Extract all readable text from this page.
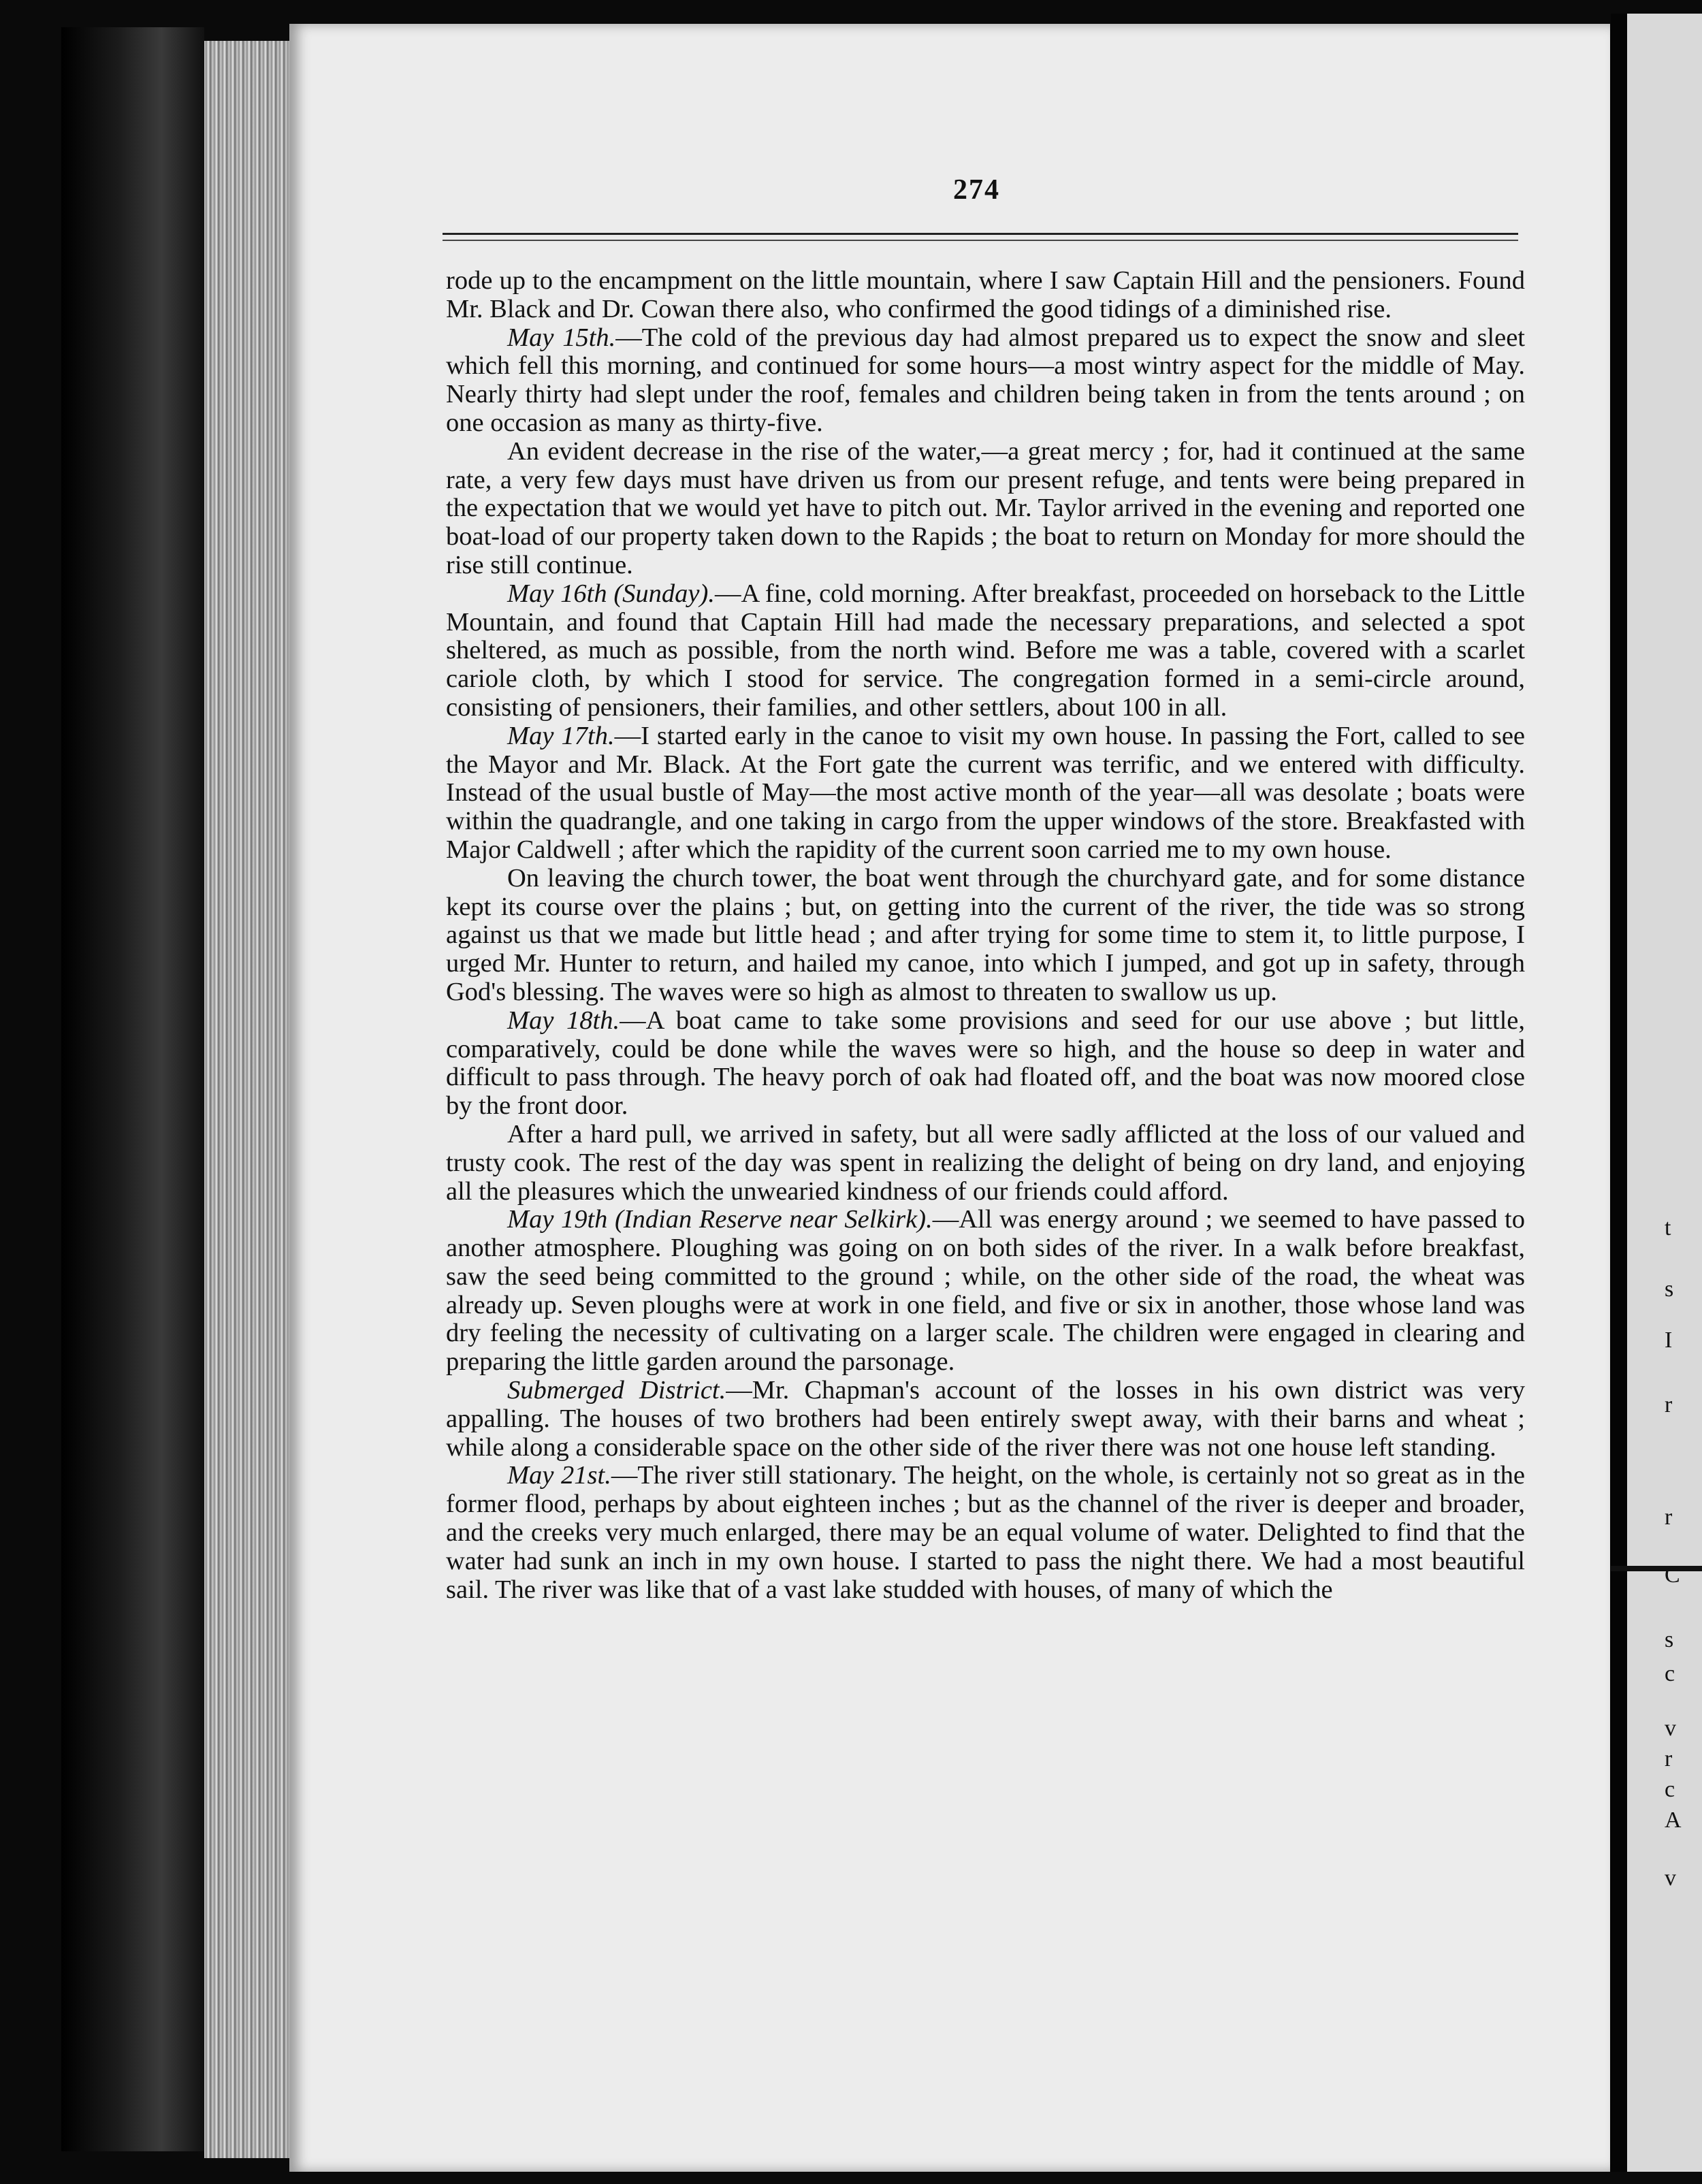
274

rode up to the encampment on the little mountain, where I saw Captain Hill and the pensioners. Found Mr. Black and Dr. Cowan there also, who confirmed the good tidings of a diminished rise.

May 15th.—The cold of the previous day had almost prepared us to expect the snow and sleet which fell this morning, and continued for some hours—a most wintry aspect for the middle of May. Nearly thirty had slept under the roof, females and children being taken in from the tents around ; on one occasion as many as thirty-five.

An evident decrease in the rise of the water,—a great mercy ; for, had it continued at the same rate, a very few days must have driven us from our present refuge, and tents were being prepared in the expectation that we would yet have to pitch out. Mr. Taylor arrived in the evening and reported one boat-load of our property taken down to the Rapids ; the boat to return on Monday for more should the rise still continue.

May 16th (Sunday).—A fine, cold morning. After breakfast, proceeded on horseback to the Little Mountain, and found that Captain Hill had made the necessary preparations, and selected a spot sheltered, as much as possible, from the north wind. Before me was a table, covered with a scarlet cariole cloth, by which I stood for service. The congregation formed in a semi-circle around, consisting of pensioners, their families, and other settlers, about 100 in all.

May 17th.—I started early in the canoe to visit my own house. In passing the Fort, called to see the Mayor and Mr. Black. At the Fort gate the current was terrific, and we entered with difficulty. Instead of the usual bustle of May—the most active month of the year—all was desolate ; boats were within the quadrangle, and one taking in cargo from the upper windows of the store. Breakfasted with Major Caldwell ; after which the rapidity of the current soon carried me to my own house.

On leaving the church tower, the boat went through the churchyard gate, and for some distance kept its course over the plains ; but, on getting into the current of the river, the tide was so strong against us that we made but little head ; and after trying for some time to stem it, to little purpose, I urged Mr. Hunter to return, and hailed my canoe, into which I jumped, and got up in safety, through God's blessing. The waves were so high as almost to threaten to swallow us up.

May 18th.—A boat came to take some provisions and seed for our use above ; but little, comparatively, could be done while the waves were so high, and the house so deep in water and difficult to pass through. The heavy porch of oak had floated off, and the boat was now moored close by the front door.

After a hard pull, we arrived in safety, but all were sadly afflicted at the loss of our valued and trusty cook. The rest of the day was spent in realizing the delight of being on dry land, and enjoying all the pleasures which the unwearied kindness of our friends could afford.

May 19th (Indian Reserve near Selkirk).—All was energy around ; we seemed to have passed to another atmosphere. Ploughing was going on on both sides of the river. In a walk before breakfast, saw the seed being committed to the ground ; while, on the other side of the road, the wheat was already up. Seven ploughs were at work in one field, and five or six in another, those whose land was dry feeling the necessity of cultivating on a larger scale. The children were engaged in clearing and preparing the little garden around the parsonage.

Submerged District.—Mr. Chapman's account of the losses in his own district was very appalling. The houses of two brothers had been entirely swept away, with their barns and wheat ; while along a considerable space on the other side of the river there was not one house left standing.

May 21st.—The river still stationary. The height, on the whole, is certainly not so great as in the former flood, perhaps by about eighteen inches ; but as the channel of the river is deeper and broader, and the creeks very much enlarged, there may be an equal volume of water. Delighted to find that the water had sunk an inch in my own house. I started to pass the night there. We had a most beautiful sail. The river was like that of a vast lake studded with houses, of many of which the

t
s
I
r
r
C
s
c
v
r
c
A
v
